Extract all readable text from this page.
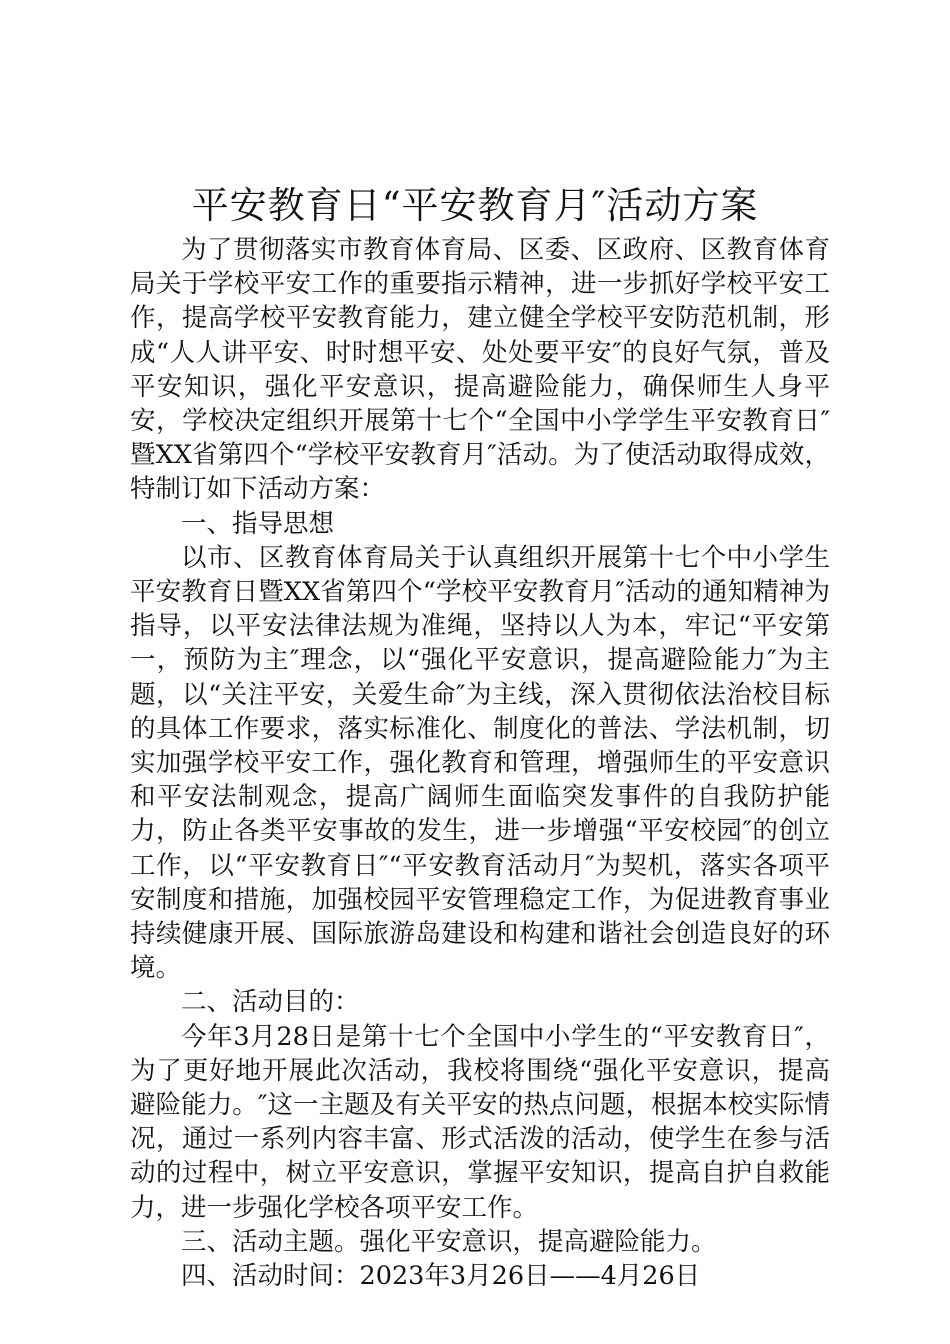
平安教育日“平安教育月″活动方案

为了贯彻落实市教育体育局、区委、区政府、区教育体育局关于学校平安工作的重要指示精神，进一步抓好学校平安工作，提高学校平安教育能力，建立健全学校平安防范机制，形成“人人讲平安、时时想平安、处处要平安″的良好气氛，普及平安知识，强化平安意识，提高避险能力，确保师生人身平安，学校决定组织开展第十七个“全国中小学学生平安教育日″暨XX省第四个“学校平安教育月″活动。为了使活动取得成效，特制订如下活动方案：

一、指导思想

以市、区教育体育局关于认真组织开展第十七个中小学生平安教育日暨XX省第四个“学校平安教育月″活动的通知精神为指导，以平安法律法规为准绳，坚持以人为本，牢记“平安第一，预防为主″理念，以“强化平安意识，提高避险能力″为主题，以“关注平安，关爱生命″为主线，深入贯彻依法治校目标的具体工作要求，落实标准化、制度化的普法、学法机制，切实加强学校平安工作，强化教育和管理，增强师生的平安意识和平安法制观念，提高广阔师生面临突发事件的自我防护能力，防止各类平安事故的发生，进一步增强“平安校园″的创立工作，以“平安教育日″“平安教育活动月″为契机，落实各项平安制度和措施，加强校园平安管理稳定工作，为促进教育事业持续健康开展、国际旅游岛建设和构建和谐社会创造良好的环境。

二、活动目的：

今年3月28日是第十七个全国中小学生的“平安教育日″，为了更好地开展此次活动，我校将围绕“强化平安意识，提高避险能力。″这一主题及有关平安的热点问题，根据本校实际情况，通过一系列内容丰富、形式活泼的活动，使学生在参与活动的过程中，树立平安意识，掌握平安知识，提高自护自救能力，进一步强化学校各项平安工作。

三、活动主题。强化平安意识，提高避险能力。

四、活动时间：2023年3月26日——4月26日
